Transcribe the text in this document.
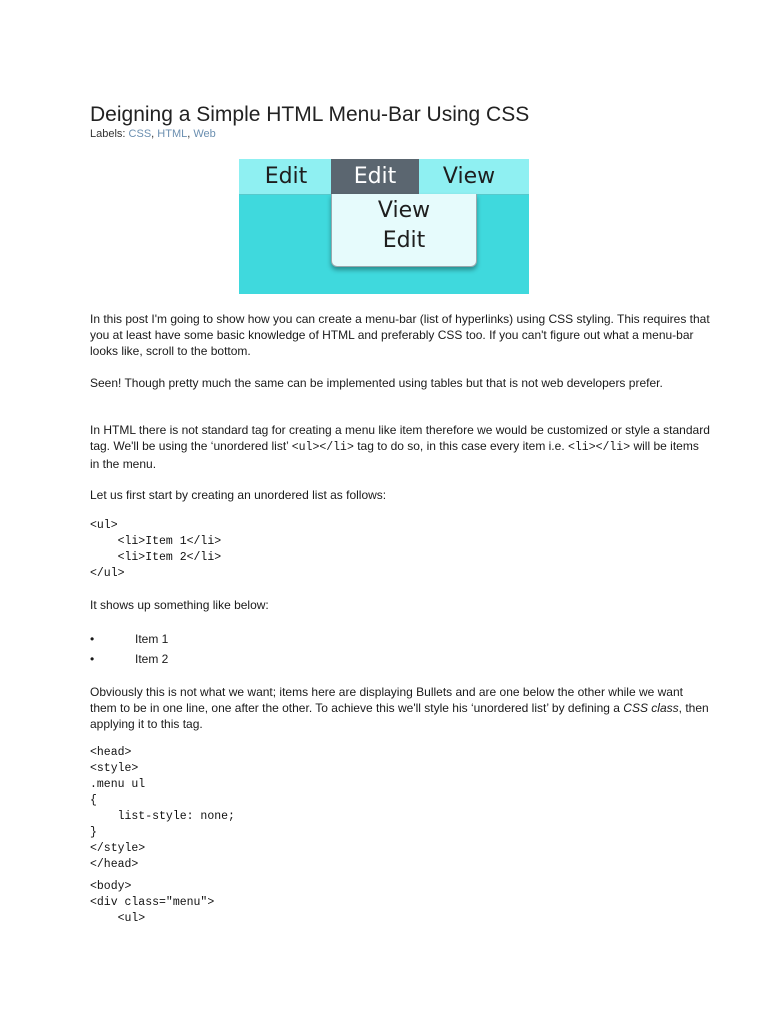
Deigning a Simple HTML Menu-Bar Using CSS
Labels: CSS, HTML, Web
Edit	Edit	View
View
Edit
In this post I'm going to show how you can create a menu-bar (list of hyperlinks) using CSS styling. This requires that you at least have some basic knowledge of HTML and preferably CSS too. If you can't figure out what a menu-bar looks like, scroll to the bottom.
Seen! Though pretty much the same can be implemented using tables but that is not web developers prefer.
In HTML there is not standard tag for creating a menu like item therefore we would be customized or style a standard tag. We'll be using the ‘unordered list’ <ul></li> tag to do so, in this case every item i.e. <li></li> will be items in the menu.
Let us first start by creating an unordered list as follows:
<ul>
<li>Item 1</li>
<li>Item 2</li>
</ul>
It shows up something like below:
•	Item 1
•	Item 2
Obviously this is not what we want; items here are displaying Bullets and are one below the other while we want them to be in one line, one after the other. To achieve this we'll style his ‘unordered list’ by defining a CSS class, then applying it to this tag.
<head>
<style>
.menu ul
{
list-style: none;
}
</style>
</head>
<body>
<div class="menu">
<ul>
